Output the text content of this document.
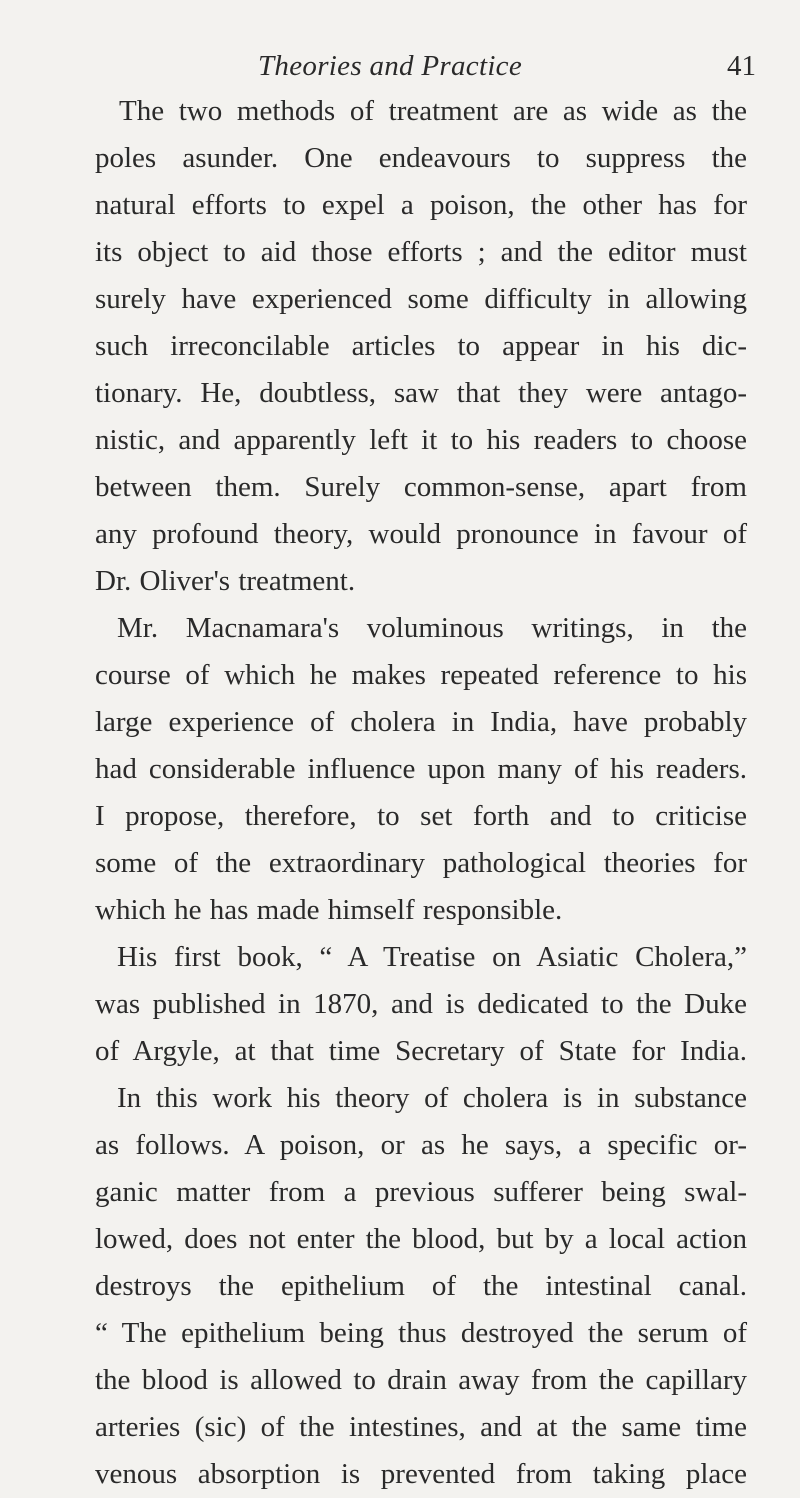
Theories and Practice	41
The two methods of treatment are as wide as the
poles asunder. One endeavours to suppress the
natural efforts to expel a poison, the other has for
its object to aid those efforts ; and the editor must
surely have experienced some difficulty in allowing
such irreconcilable articles to appear in his dic-
tionary. He, doubtless, saw that they were antago-
nistic, and apparently left it to his readers to choose
between them. Surely common-sense, apart from
any profound theory, would pronounce in favour of
Dr. Oliver's treatment.
Mr. Macnamara's voluminous writings, in the
course of which he makes repeated reference to his
large experience of cholera in India, have probably
had considerable influence upon many of his readers.
I propose, therefore, to set forth and to criticise
some of the extraordinary pathological theories for
which he has made himself responsible.
His first book, “ A Treatise on Asiatic Cholera,”
was published in 1870, and is dedicated to the Duke
of Argyle, at that time Secretary of State for India.
In this work his theory of cholera is in substance
as follows. A poison, or as he says, a specific or-
ganic matter from a previous sufferer being swal-
lowed, does not enter the blood, but by a local action
destroys the epithelium of the intestinal canal.
“ The epithelium being thus destroyed the serum of
the blood is allowed to drain away from the capillary
arteries (sic) of the intestines, and at the same time
venous absorption is prevented from taking place
